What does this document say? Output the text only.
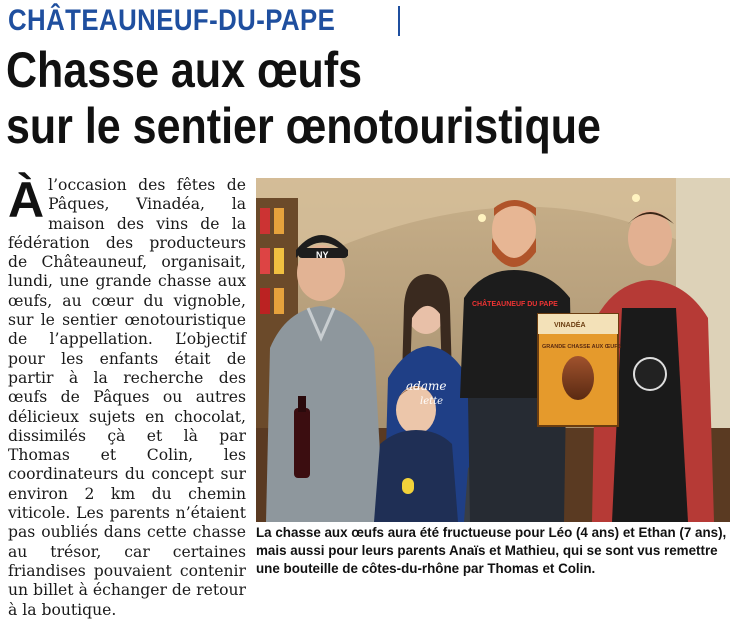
CHÂTEAUNEUF-DU-PAPE
Chasse aux œufs
sur le sentier œnotouristique
À l’occasion des fêtes de Pâques, Vinadéa, la maison des vins de la fédération des producteurs de Châteauneuf, organisait, lundi, une grande chasse aux œufs, au cœur du vignoble, sur le sentier œnotouristique de l’appellation. L’objectif pour les enfants était de partir à la recherche des œufs de Pâques ou autres délicieux sujets en chocolat, dissimilés çà et là par Thomas et Colin, les coordinateurs du concept sur environ 2 km du chemin viticole. Les parents n’étaient pas oubliés dans cette chasse au trésor, car certaines friandises pouvaient contenir un billet à échanger de retour à la boutique.
NY
CHÂTEAUNEUF DU PAPE
adame
lette
VINADÉA
GRANDE CHASSE AUX ŒUFS
La chasse aux œufs aura été fructueuse pour Léo (4 ans) et Ethan (7 ans), mais aussi pour leurs parents Anaïs et Mathieu, qui se sont vus remettre une bouteille de côtes-du-rhône par Thomas et Colin.
